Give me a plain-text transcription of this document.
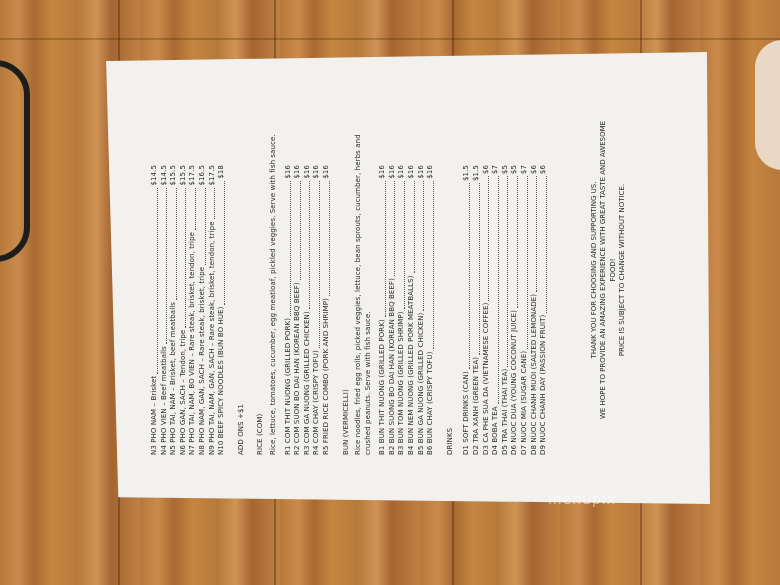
N3 PHO NAM – Brisket
$14.5
N4 PHO VIEN – Beef meatballs
$14.5
N5 PHO TAI, NAM – Brisket, beef meatballs
$15.5
N6 PHO GAN, SACH – Tendon, tripe
$15.5
N7 PHO TAI, NAM, BO VIEN – Rare steak, brisket, tendon, tripe
$17.5
N8 PHO NAM, GAN, SACH – Rare steak, brisket, tripe
$16.5
N9 PHO TAI, NAM, GAN, SACH – Rare steak, brisket, tendon, tripe
$17.5
N10 BEEF SPICY NOODLES (BUN BO HUE)
$18
ADD ONS +$1 RICE (COM) Rice, lettuce, tomatoes, cucumber, egg meatloaf, pickled veggies. Serve with fish sauce. R1 COM THIT NUONG (GRILLED PORK)
$16
R2 COM SUON BO DAI HAN (KOREAN BBQ BEEF)
$16
R3 COM GA NUONG (GRILLED CHICKEN)
$16
R4 COM CHAY (CRISPY TOFU)
$16
R5 FRIED RICE COMBO (PORK AND SHRIMP)
$16
BUN (VERMICELLI) Rice noodles, fried egg rolls, picked veggies, lettuce, bean sprouts, cucumber, herbs and crushed peanuts. Serve with fish sauce. B1 BUN THIT NUONG (GRILLED PORK)
$16
B2 BUN SUONG BO DAI HAN (KOREAN BBQ BEEF)
$16
B3 BUN TOM NUONG (GRILLED SHRIMP)
$16
B4 BUN NEM NUONG (GRILLED PORK MEATBALLS)
$16
B5 BUN GA NUONG (GRILLED CHICKEN)
$16
B6 BUN CHAY (CRISPY TOFU)
$16
DRINKS D1 SOFT DRINKS (CAN)
$1.5
D2 TRA XANH (GREEN TEA)
$1.5
D3 CA PHE SUA DA (VIETNAMESE COFFEE)
$6
D4 BOBA TEA
$7
D5 TRA THAI (THAI TEA)
$5
D6 NUOC DUA (YOUNG COCONUT JUICE)
$5
D7 NUOC MIA (SUGAR CANE)
$7
D8 NUOC CHANH MUOI (SALTED LEMONADE)
$6
D9 NUOC CHANH DAY (PASSION FRUIT)
$6
THANK YOU FOR CHOOSING AND SUPPORTING US. WE HOPE TO PROVIDE AN AMAZING EXPERIENCE WITH GREAT TASTE AND AWESOME FOOD! PRICE IS SUBJECT TO CHANGE WITHOUT NOTICE.
menupix
